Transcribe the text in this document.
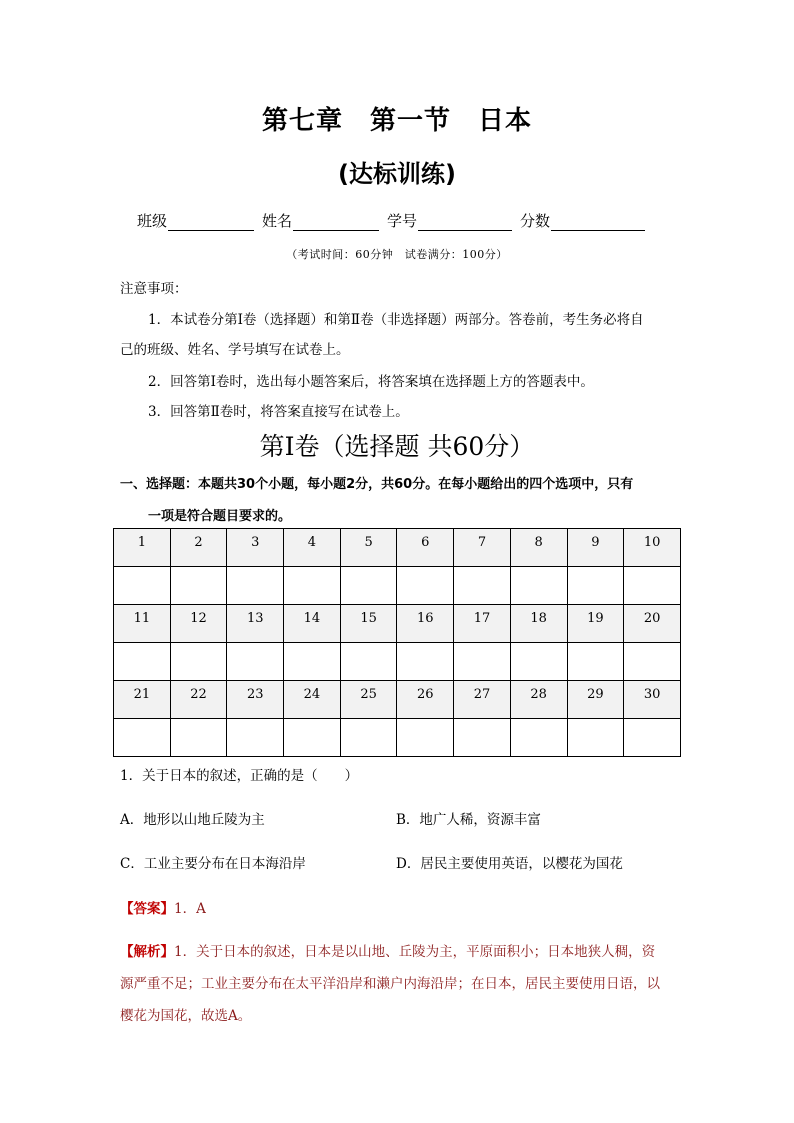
第七章　第一节　日本
(达标训练)
班级	姓名	学号	分数
（考试时间：60分钟　试卷满分：100分）
注意事项：
1．本试卷分第Ⅰ卷（选择题）和第Ⅱ卷（非选择题）两部分。答卷前，考生务必将自
己的班级、姓名、学号填写在试卷上。
2．回答第Ⅰ卷时，选出每小题答案后，将答案填在选择题上方的答题表中。
3．回答第Ⅱ卷时，将答案直接写在试卷上。
第Ⅰ卷（选择题 共60分）
一、选择题：本题共30个小题，每小题2分，共60分。在每小题给出的四个选项中，只有
一项是符合题目要求的。
1	2	3	4	5	6	7	8	9	10

11	12	13	14	15	16	17	18	19	20

21	22	23	24	25	26	27	28	29	30

1．关于日本的叙述，正确的是（　　）
A．地形以山地丘陵为主	B．地广人稀，资源丰富
C．工业主要分布在日本海沿岸	D．居民主要使用英语，以樱花为国花
【答案】1．A
【解析】1．关于日本的叙述，日本是以山地、丘陵为主，平原面积小；日本地狭人稠，资
源严重不足；工业主要分布在太平洋沿岸和濑户内海沿岸；在日本，居民主要使用日语，以
樱花为国花，故选A。
